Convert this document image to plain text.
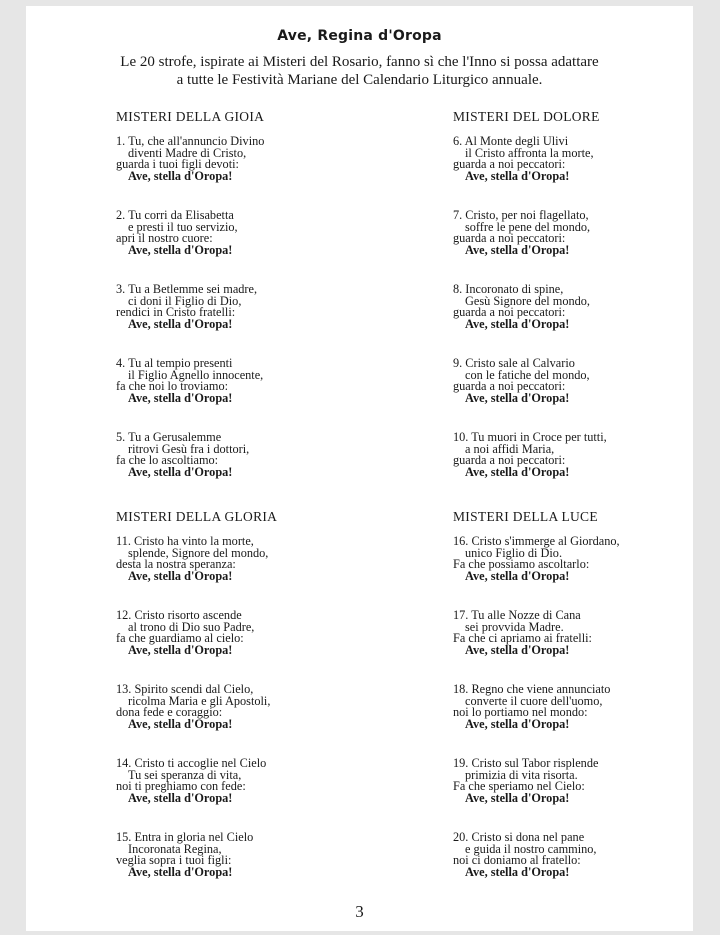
Ave, Regina d'Oropa
Le 20 strofe, ispirate ai Misteri del Rosario, fanno sì che l'Inno si possa adattare
a tutte le Festività Mariane del Calendario Liturgico annuale.
MISTERI DELLA GIOIA	MISTERI DEL DOLORE
MISTERI DELLA GLORIA	MISTERI DELLA LUCE
1. Tu, che all'annuncio Divino
diventi Madre di Cristo,
guarda i tuoi figli devoti:
Ave, stella d'Oropa!
2. Tu corri da Elisabetta
e presti il tuo servizio,
apri il nostro cuore:
Ave, stella d'Oropa!
3. Tu a Betlemme sei madre,
ci doni il Figlio di Dio,
rendici in Cristo fratelli:
Ave, stella d'Oropa!
4. Tu al tempio presenti
il Figlio Agnello innocente,
fa che noi lo troviamo:
Ave, stella d'Oropa!
5. Tu a Gerusalemme
ritrovi Gesù fra i dottori,
fa che lo ascoltiamo:
Ave, stella d'Oropa!
6. Al Monte degli Ulivi
il Cristo affronta la morte,
guarda a noi peccatori:
Ave, stella d'Oropa!
7. Cristo, per noi flagellato,
soffre le pene del mondo,
guarda a noi peccatori:
Ave, stella d'Oropa!
8. Incoronato di spine,
Gesù Signore del mondo,
guarda a noi peccatori:
Ave, stella d'Oropa!
9. Cristo sale al Calvario
con le fatiche del mondo,
guarda a noi peccatori:
Ave, stella d'Oropa!
10. Tu muori in Croce per tutti,
a noi affidi Maria,
guarda a noi peccatori:
Ave, stella d'Oropa!
11. Cristo ha vinto la morte,
splende, Signore del mondo,
desta la nostra speranza:
Ave, stella d'Oropa!
12. Cristo risorto ascende
al trono di Dio suo Padre,
fa che guardiamo al cielo:
Ave, stella d'Oropa!
13. Spirito scendi dal Cielo,
ricolma Maria e gli Apostoli,
dona fede e coraggio:
Ave, stella d'Oropa!
14. Cristo ti accoglie nel Cielo
Tu sei speranza di vita,
noi ti preghiamo con fede:
Ave, stella d'Oropa!
15. Entra in gloria nel Cielo
Incoronata Regina,
veglia sopra i tuoi figli:
Ave, stella d'Oropa!
16. Cristo s'immerge al Giordano,
unico Figlio di Dio.
Fa che possiamo ascoltarlo:
Ave, stella d'Oropa!
17. Tu alle Nozze di Cana
sei provvida Madre.
Fa che ci apriamo ai fratelli:
Ave, stella d'Oropa!
18. Regno che viene annunciato
converte il cuore dell'uomo,
noi lo portiamo nel mondo:
Ave, stella d'Oropa!
19. Cristo sul Tabor risplende
primizia di vita risorta.
Fa che speriamo nel Cielo:
Ave, stella d'Oropa!
20. Cristo si dona nel pane
e guida il nostro cammino,
noi ci doniamo al fratello:
Ave, stella d'Oropa!
3
